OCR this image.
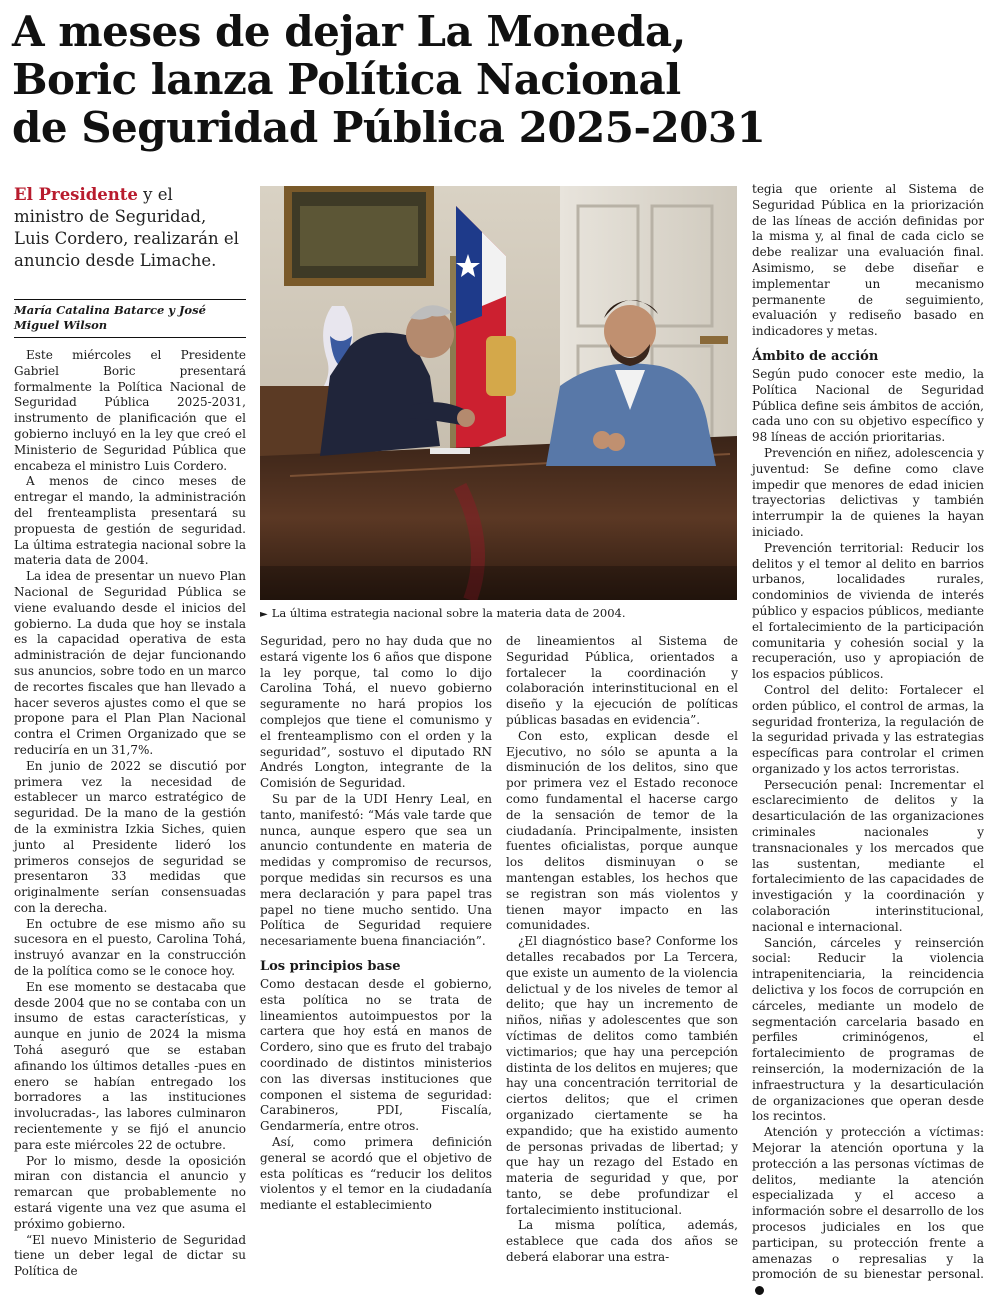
A meses de dejar La Moneda,
Boric lanza Política Nacional
de Seguridad Pública 2025-2031
El Presidente y el ministro de Seguridad, Luis Cordero, realizarán el anuncio desde Limache.
María Catalina Batarce y José Miguel Wilson

Este miércoles el Presidente Gabriel Boric presentará formalmente la Política Nacional de Seguridad Pública 2025-2031, instrumento de planificación que el gobierno incluyó en la ley que creó el Ministerio de Seguridad Pública que encabeza el ministro Luis Cordero.

A menos de cinco meses de entregar el mando, la administración del frenteamplista presentará su propuesta de gestión de seguridad. La última estrategia nacional sobre la materia data de 2004.

La idea de presentar un nuevo Plan Nacional de Seguridad Pública se viene evaluando desde el inicios del gobierno. La duda que hoy se instala es la capacidad operativa de esta administración de dejar funcionando sus anuncios, sobre todo en un marco de recortes fiscales que han llevado a hacer severos ajustes como el que se propone para el Plan Plan Nacional contra el Crimen Organizado que se reduciría en un 31,7%.

En junio de 2022 se discutió por primera vez la necesidad de establecer un marco estratégico de seguridad. De la mano de la gestión de la exministra Izkia Siches, quien junto al Presidente lideró los primeros consejos de seguridad se presentaron 33 medidas que originalmente serían consensuadas con la derecha.

En octubre de ese mismo año su sucesora en el puesto, Carolina Tohá, instruyó avanzar en la construcción de la política como se le conoce hoy.

En ese momento se destacaba que desde 2004 que no se contaba con un insumo de estas características, y aunque en junio de 2024 la misma Tohá aseguró que se estaban afinando los últimos detalles -pues en enero se habían entregado los borradores a las instituciones involucradas-, las labores culminaron recientemente y se fijó el anuncio para este miércoles 22 de octubre.

Por lo mismo, desde la oposición miran con distancia el anuncio y remarcan que probablemente no estará vigente una vez que asuma el próximo gobierno.

“El nuevo Ministerio de Seguridad tiene un deber legal de dictar su Política de

► La última estrategia nacional sobre la materia data de 2004.

Seguridad, pero no hay duda que no estará vigente los 6 años que dispone la ley porque, tal como lo dijo Carolina Tohá, el nuevo gobierno seguramente no hará propios los complejos que tiene el comunismo y el frenteamplismo con el orden y la seguridad”, sostuvo el diputado RN Andrés Longton, integrante de la Comisión de Seguridad.

Su par de la UDI Henry Leal, en tanto, manifestó: “Más vale tarde que nunca, aunque espero que sea un anuncio contundente en materia de medidas y compromiso de recursos, porque medidas sin recursos es una mera declaración y para papel tras papel no tiene mucho sentido. Una Política de Seguridad requiere necesariamente buena financiación”.

Los principios base

Como destacan desde el gobierno, esta política no se trata de lineamientos autoimpuestos por la cartera que hoy está en manos de Cordero, sino que es fruto del trabajo coordinado de distintos ministerios con las diversas instituciones que componen el sistema de seguridad: Carabineros, PDI, Fiscalía, Gendarmería, entre otros.

Así, como primera definición general se acordó que el objetivo de esta políticas es “reducir los delitos violentos y el temor en la ciudadanía mediante el establecimiento

de lineamientos al Sistema de Seguridad Pública, orientados a fortalecer la coordinación y colaboración interinstitucional en el diseño y la ejecución de políticas públicas basadas en evidencia”.

Con esto, explican desde el Ejecutivo, no sólo se apunta a la disminución de los delitos, sino que por primera vez el Estado reconoce como fundamental el hacerse cargo de la sensación de temor de la ciudadanía. Principalmente, insisten fuentes oficialistas, porque aunque los delitos disminuyan o se mantengan estables, los hechos que se registran son más violentos y tienen mayor impacto en las comunidades.

¿El diagnóstico base? Conforme los detalles recabados por La Tercera, que existe un aumento de la violencia delictual y de los niveles de temor al delito; que hay un incremento de niños, niñas y adolescentes que son víctimas de delitos como también victimarios; que hay una percepción distinta de los delitos en mujeres; que hay una concentración territorial de ciertos delitos; que el crimen organizado ciertamente se ha expandido; que ha existido aumento de personas privadas de libertad; y que hay un rezago del Estado en materia de seguridad y que, por tanto, se debe profundizar el fortalecimiento institucional.

La misma política, además, establece que cada dos años se deberá elaborar una estra-

tegia que oriente al Sistema de Seguridad Pública en la priorización de las líneas de acción definidas por la misma y, al final de cada ciclo se debe realizar una evaluación final. Asimismo, se debe diseñar e implementar un mecanismo permanente de seguimiento, evaluación y rediseño basado en indicadores y metas.

Ámbito de acción

Según pudo conocer este medio, la Política Nacional de Seguridad Pública define seis ámbitos de acción, cada uno con su objetivo específico y 98 líneas de acción prioritarias.

Prevención en niñez, adolescencia y juventud: Se define como clave impedir que menores de edad inicien trayectorias delictivas y también interrumpir la de quienes la hayan iniciado.

Prevención territorial: Reducir los delitos y el temor al delito en barrios urbanos, localidades rurales, condominios de vivienda de interés público y espacios públicos, mediante el fortalecimiento de la participación comunitaria y cohesión social y la recuperación, uso y apropiación de los espacios públicos.

Control del delito: Fortalecer el orden público, el control de armas, la seguridad fronteriza, la regulación de la seguridad privada y las estrategias específicas para controlar el crimen organizado y los actos terroristas.

Persecución penal: Incrementar el esclarecimiento de delitos y la desarticulación de las organizaciones criminales nacionales y transnacionales y los mercados que las sustentan, mediante el fortalecimiento de las capacidades de investigación y la coordinación y colaboración interinstitucional, nacional e internacional.

Sanción, cárceles y reinserción social: Reducir la violencia intrapenitenciaria, la reincidencia delictiva y los focos de corrupción en cárceles, mediante un modelo de segmentación carcelaria basado en perfiles criminógenos, el fortalecimiento de programas de reinserción, la modernización de la infraestructura y la desarticulación de organizaciones que operan desde los recintos.

Atención y protección a víctimas: Mejorar la atención oportuna y la protección a las personas víctimas de delitos, mediante la atención especializada y el acceso a información sobre el desarrollo de los procesos judiciales en los que participan, su protección frente a amenazas o represalias y la promoción de su bienestar personal.
